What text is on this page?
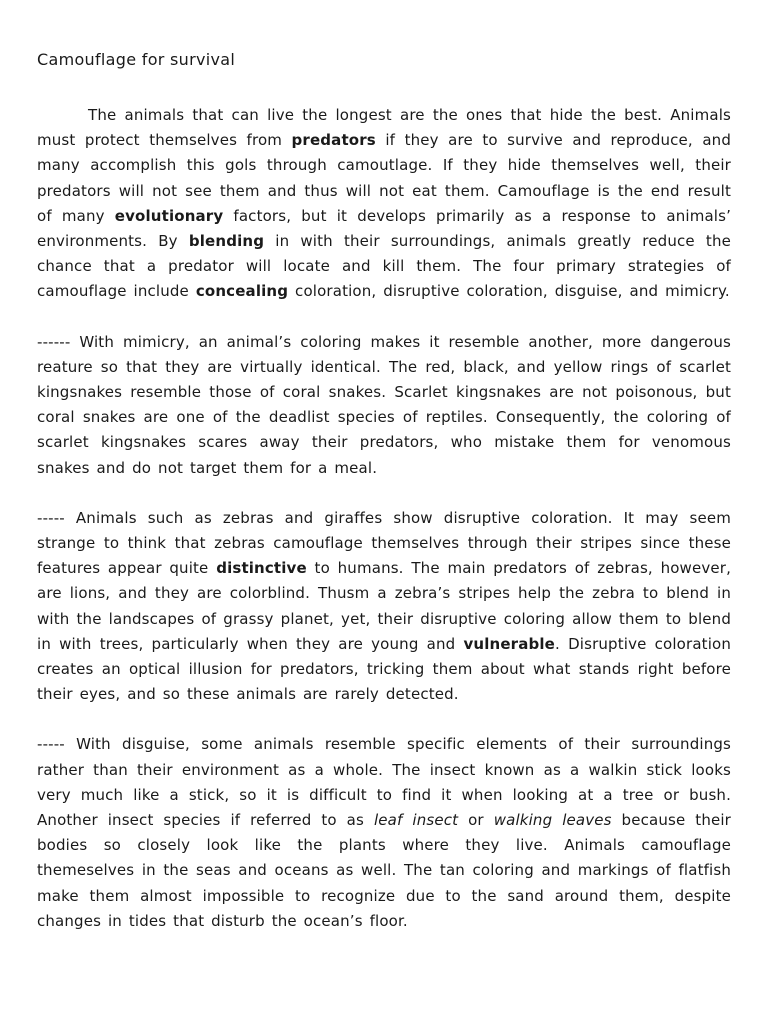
Camouflage for survival

The animals that can live the longest are the ones that hide the best. Animals must protect themselves from predators if they are to survive and reproduce, and many accomplish this gols through camoutlage. If they hide themselves well, their predators will not see them and thus will not eat them. Camouflage is the end result of many evolutionary factors, but it develops primarily as a response to animals’ environments. By blending in with their surroundings, animals greatly reduce the chance that a predator will locate and kill them. The four primary strategies of camouflage include concealing coloration, disruptive coloration, disguise, and mimicry.

------ With mimicry, an animal’s coloring makes it resemble another, more dangerous reature so that they are virtually identical. The red, black, and yellow rings of scarlet kingsnakes resemble those of coral snakes. Scarlet kingsnakes are not poisonous, but coral snakes are one of the deadlist species of reptiles. Consequently, the coloring of scarlet kingsnakes scares away their predators, who mistake them for venomous snakes and do not target them for a meal.

----- Animals such as zebras and giraffes show disruptive coloration. It may seem strange to think that zebras camouflage themselves through their stripes since these features appear quite distinctive to humans. The main predators of zebras, however, are lions, and they are colorblind. Thusm a zebra’s stripes help the zebra to blend in with the landscapes of grassy planet, yet, their disruptive coloring allow them to blend in with trees, particularly when they are young and vulnerable. Disruptive coloration creates an optical illusion for predators, tricking them about what stands right before their eyes, and so these animals are rarely detected.

----- With disguise, some animals resemble specific elements of their surroundings rather than their environment as a whole. The insect known as a walkin stick looks very much like a stick, so it is difficult to find it when looking at a tree or bush. Another insect species if referred to as leaf insect or walking leaves because their bodies so closely look like the plants where they live. Animals camouflage themeselves in the seas and oceans as well. The tan coloring and markings of flatfish make them almost impossible to recognize due to the sand around them, despite changes in tides that disturb the ocean’s floor.
